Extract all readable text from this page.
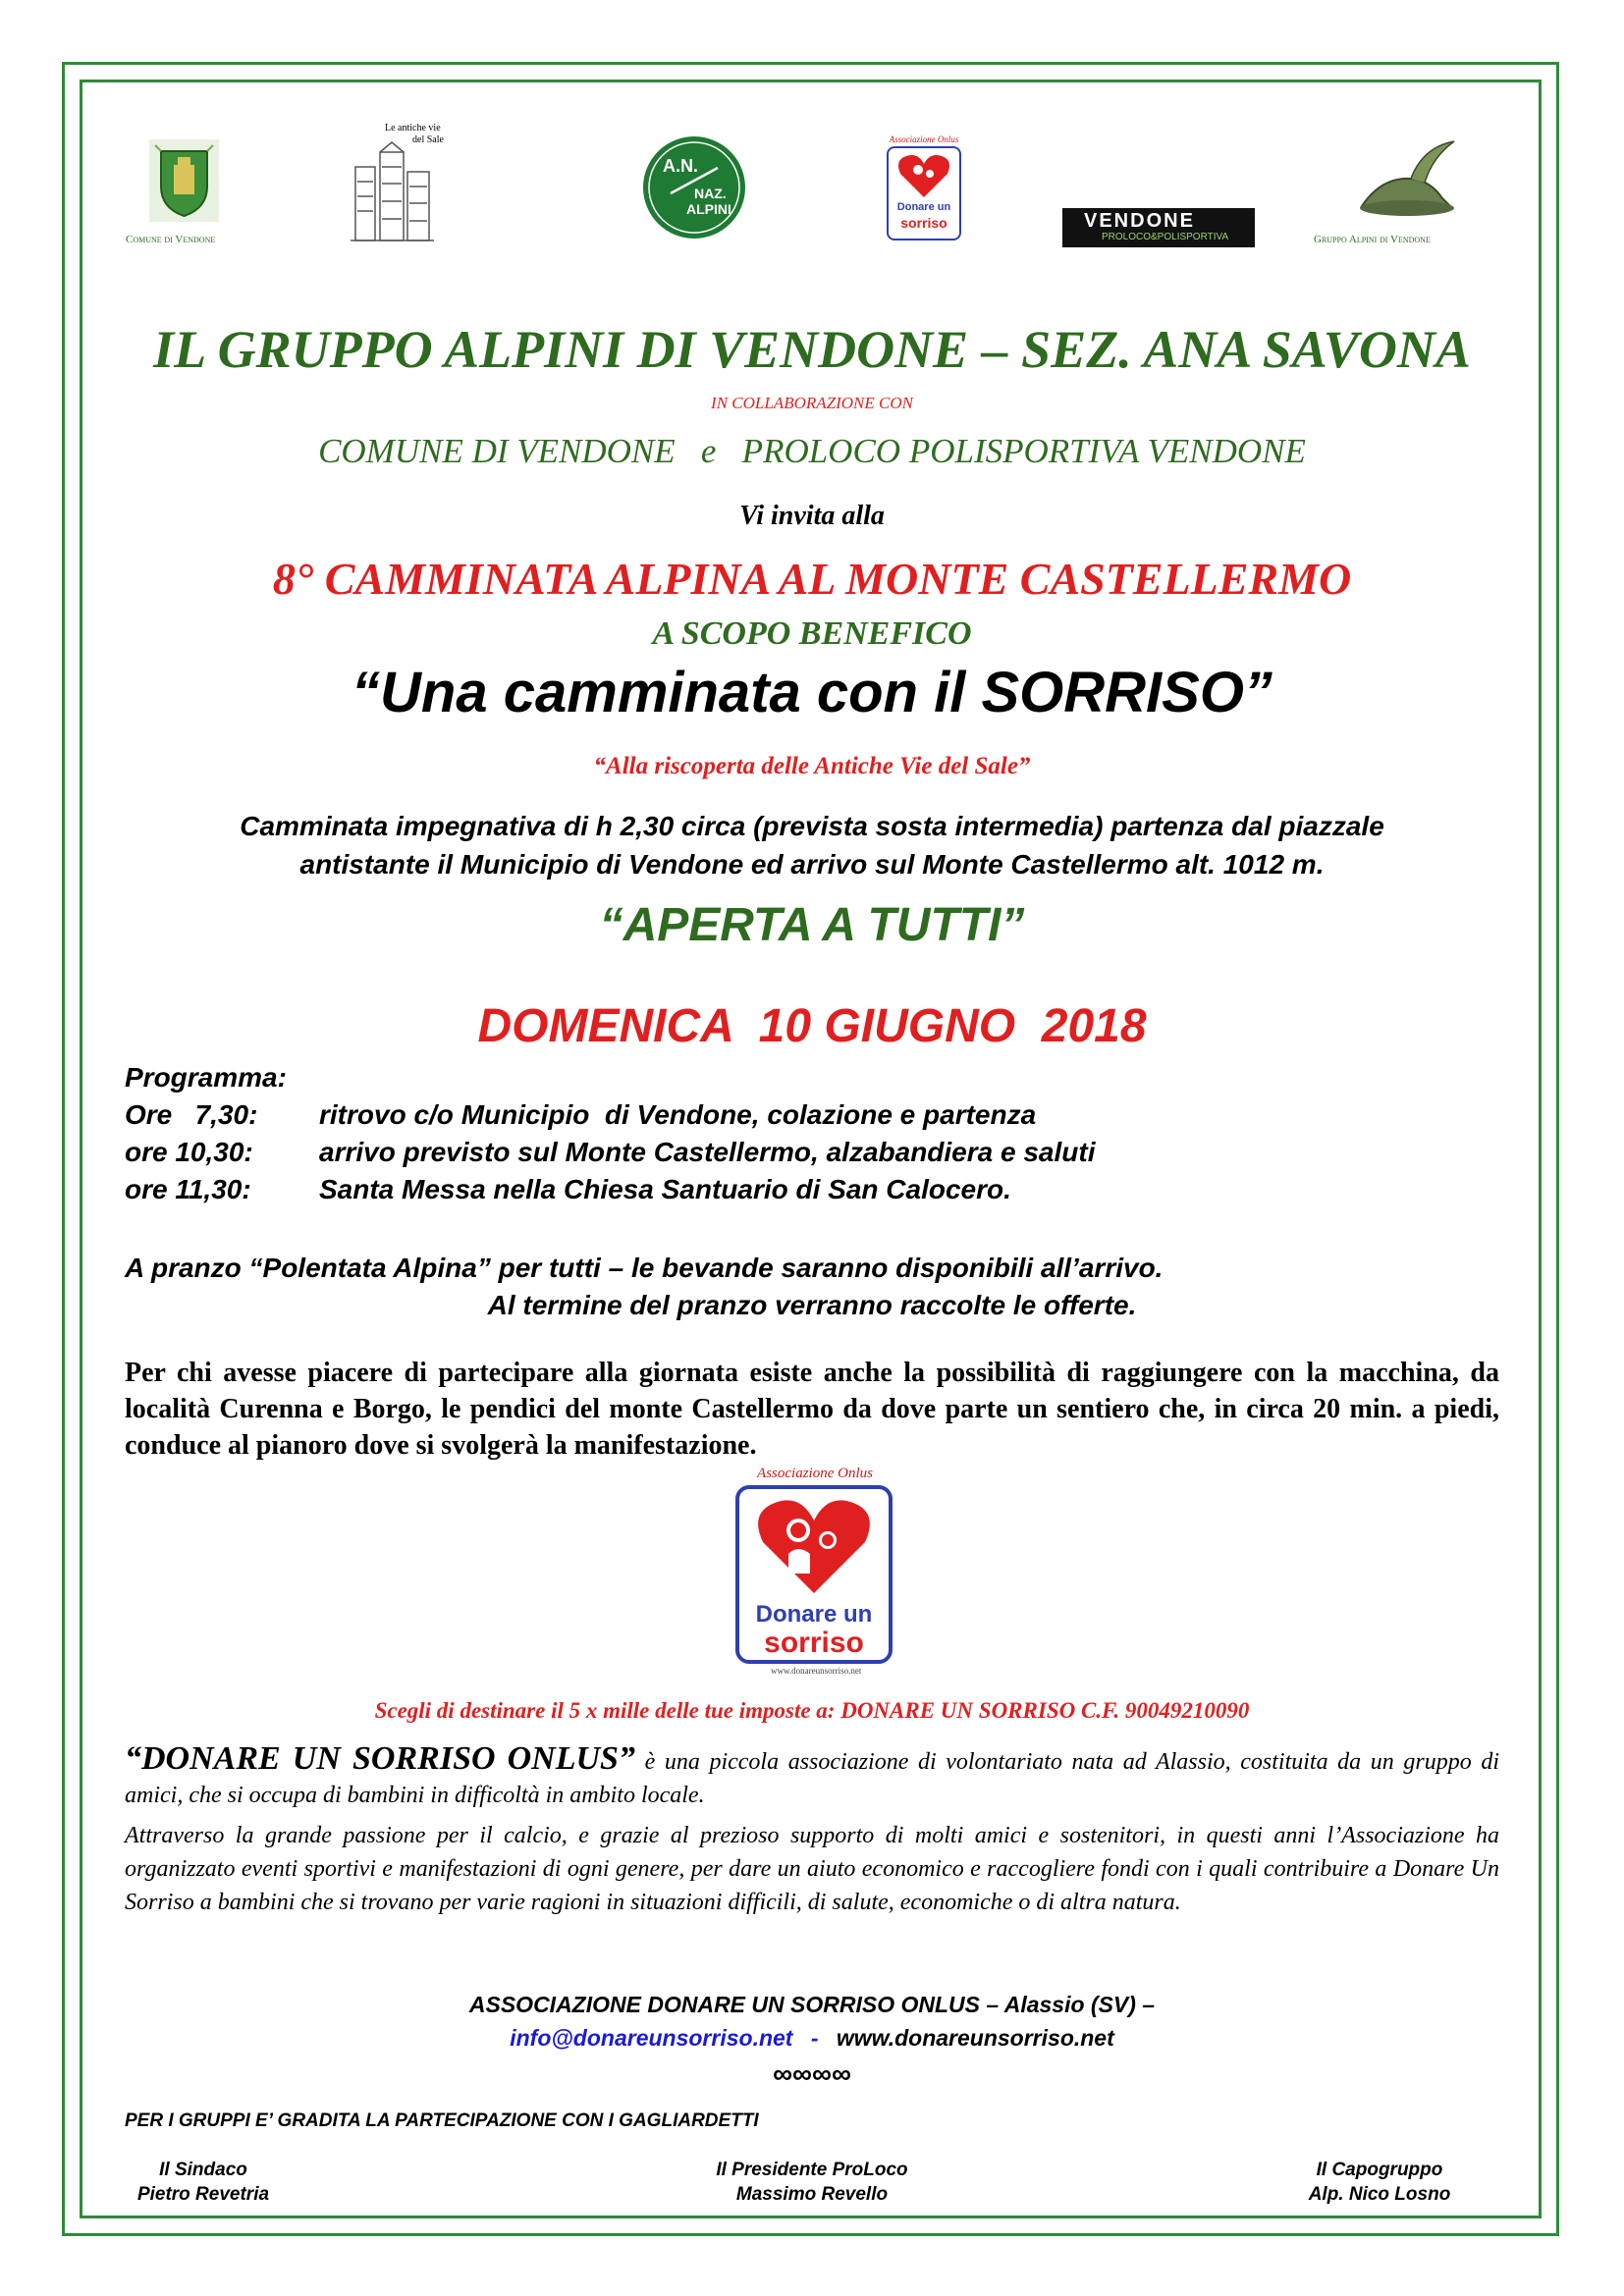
Comune di Vendone
Le antiche vie
del Sale
A.N.
NAZ.
ALPINI
Associazione Onlus
Donare un
sorriso	VENDONE
PROLOCO&POLISPORTIVA	Gruppo Alpini di Vendone
IL GRUPPO ALPINI DI VENDONE – SEZ. ANA SAVONA
IN COLLABORAZIONE CON
COMUNE DI VENDONE   e   PROLOCO POLISPORTIVA VENDONE
Vi invita alla
8° CAMMINATA ALPINA AL MONTE CASTELLERMO
A SCOPO BENEFICO
“Una camminata con il SORRISO”
“Alla riscoperta delle Antiche Vie del Sale”
Camminata impegnativa di h 2,30 circa (prevista sosta intermedia) partenza dal piazzale
antistante il Municipio di Vendone ed arrivo sul Monte Castellermo alt. 1012 m.
“APERTA A TUTTI”
DOMENICA  10 GIUGNO  2018
Programma:
Ore   7,30: ritrovo c/o Municipio  di Vendone, colazione e partenza
ore 10,30: arrivo previsto sul Monte Castellermo, alzabandiera e saluti
ore 11,30: Santa Messa nella Chiesa Santuario di San Calocero.
A pranzo “Polentata Alpina” per tutti – le bevande saranno disponibili all’arrivo.
Al termine del pranzo verranno raccolte le offerte.
Per chi avesse piacere di partecipare alla giornata esiste anche la possibilità di raggiungere con la macchina, da località Curenna e Borgo, le pendici del monte Castellermo da dove parte un sentiero che, in circa 20 min. a piedi, conduce al pianoro dove si svolgerà la manifestazione.
Associazione Onlus
Donare un
sorriso
www.donareunsorriso.net
Scegli di destinare il 5 x mille delle tue imposte a: DONARE UN SORRISO C.F. 90049210090
“DONARE UN SORRISO ONLUS” è una piccola associazione di volontariato nata ad Alassio, costituita da un gruppo di amici, che si occupa di bambini in difficoltà in ambito locale.
Attraverso la grande passione per il calcio, e grazie al prezioso supporto di molti amici e sostenitori, in questi anni l’Associazione ha organizzato eventi sportivi e manifestazioni di ogni genere, per dare un aiuto economico e raccogliere fondi con i quali contribuire a Donare Un Sorriso a bambini che si trovano per varie ragioni in situazioni difficili, di salute, economiche o di altra natura.
ASSOCIAZIONE DONARE UN SORRISO ONLUS – Alassio (SV) –
info@donareunsorriso.net - www.donareunsorriso.net
∞∞∞∞
PER I GRUPPI E’ GRADITA LA PARTECIPAZIONE CON I GAGLIARDETTI
Il Sindaco
Pietro Revetria
Il Presidente ProLoco
Massimo Revello
Il Capogruppo
Alp. Nico Losno
